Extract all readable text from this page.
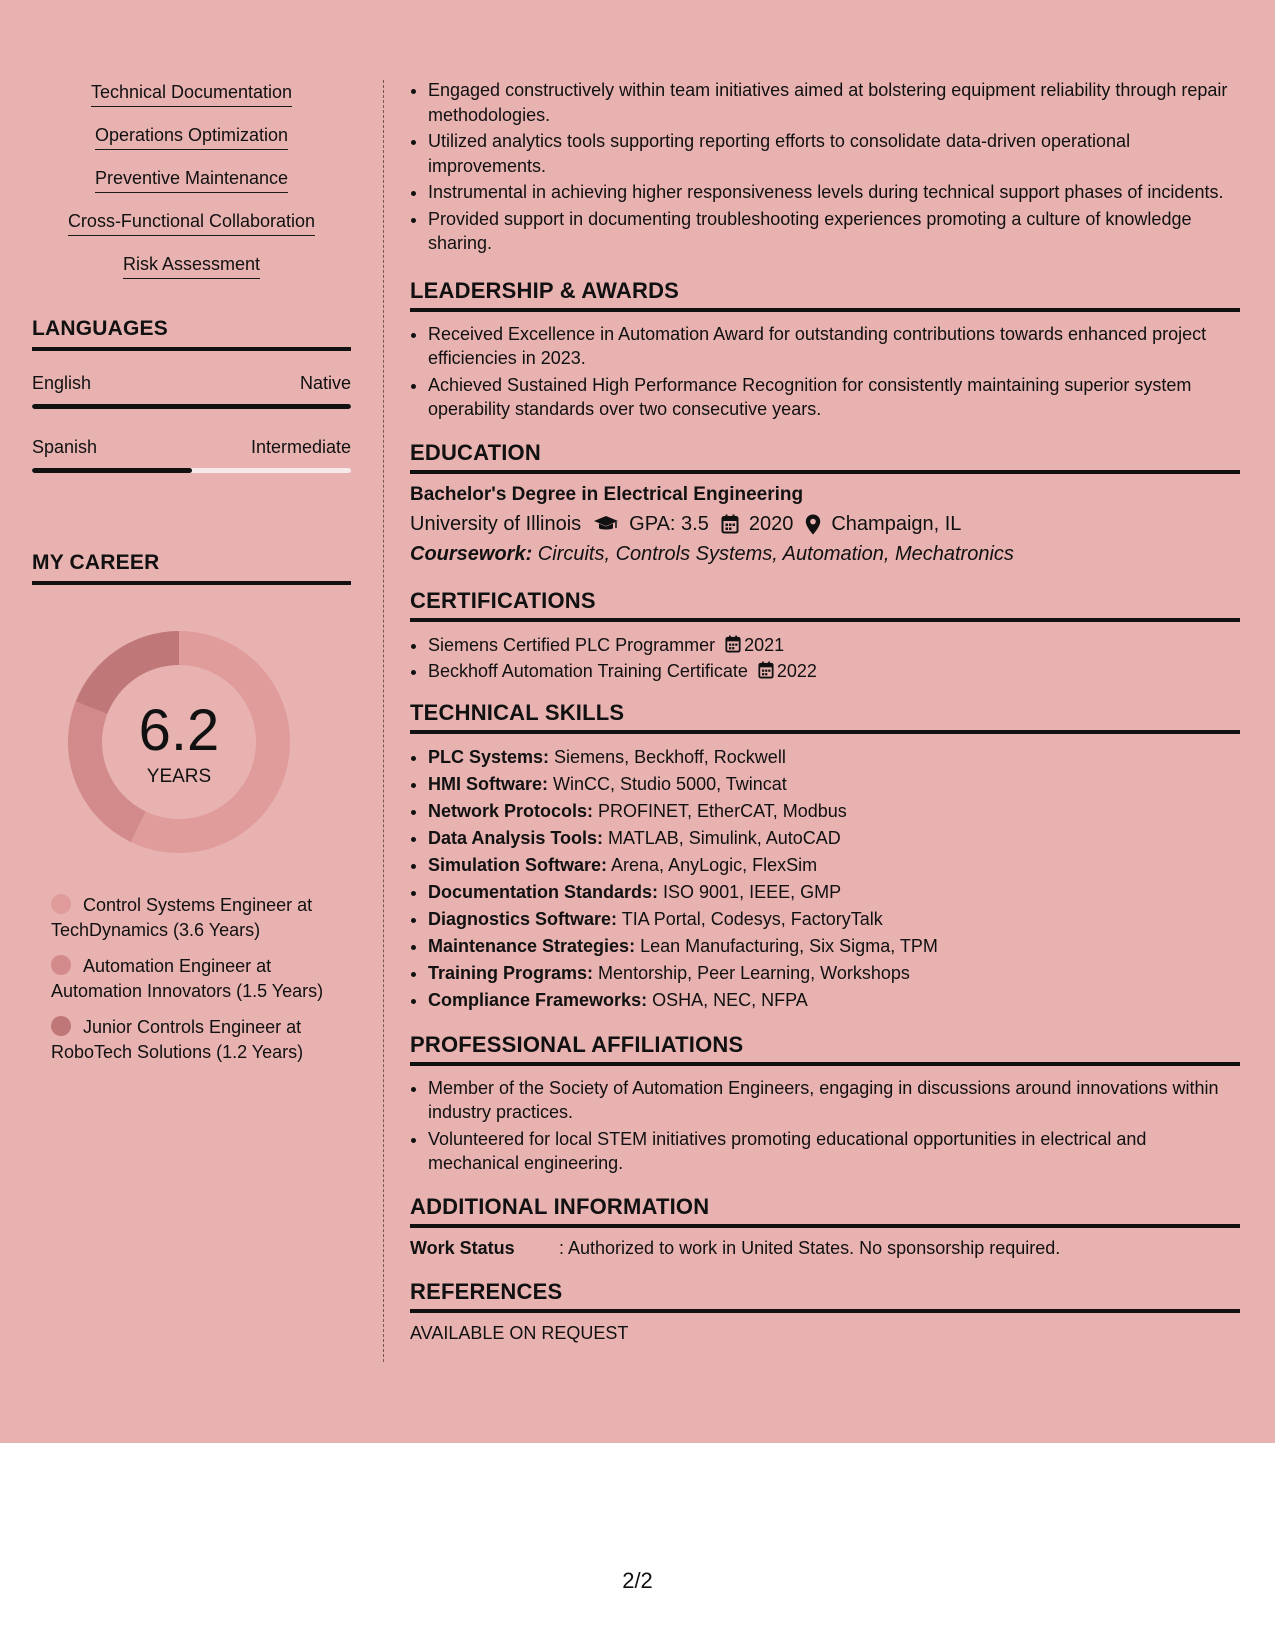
Technical Documentation
Operations Optimization
Preventive Maintenance
Cross-Functional Collaboration
Risk Assessment
LANGUAGES
English	Native
Spanish	Intermediate
MY CAREER
6.2
YEARS
Control Systems Engineer at TechDynamics (3.6 Years)
Automation Engineer at Automation Innovators (1.5 Years)
Junior Controls Engineer at RoboTech Solutions (1.2 Years)
• Engaged constructively within team initiatives aimed at bolstering equipment reliability through repair methodologies.
• Utilized analytics tools supporting reporting efforts to consolidate data-driven operational improvements.
• Instrumental in achieving higher responsiveness levels during technical support phases of incidents.
• Provided support in documenting troubleshooting experiences promoting a culture of knowledge sharing.
LEADERSHIP & AWARDS
• Received Excellence in Automation Award for outstanding contributions towards enhanced project efficiencies in 2023.
• Achieved Sustained High Performance Recognition for consistently maintaining superior system operability standards over two consecutive years.
EDUCATION
Bachelor's Degree in Electrical Engineering
University of Illinois GPA: 3.5 2020 Champaign, IL
Coursework: Circuits, Controls Systems, Automation, Mechatronics
CERTIFICATIONS
• Siemens Certified PLC Programmer 2021
• Beckhoff Automation Training Certificate 2022
TECHNICAL SKILLS
• PLC Systems: Siemens, Beckhoff, Rockwell
• HMI Software: WinCC, Studio 5000, Twincat
• Network Protocols: PROFINET, EtherCAT, Modbus
• Data Analysis Tools: MATLAB, Simulink, AutoCAD
• Simulation Software: Arena, AnyLogic, FlexSim
• Documentation Standards: ISO 9001, IEEE, GMP
• Diagnostics Software: TIA Portal, Codesys, FactoryTalk
• Maintenance Strategies: Lean Manufacturing, Six Sigma, TPM
• Training Programs: Mentorship, Peer Learning, Workshops
• Compliance Frameworks: OSHA, NEC, NFPA
PROFESSIONAL AFFILIATIONS
• Member of the Society of Automation Engineers, engaging in discussions around innovations within industry practices.
• Volunteered for local STEM initiatives promoting educational opportunities in electrical and mechanical engineering.
ADDITIONAL INFORMATION
Work Status	: Authorized to work in United States. No sponsorship required.
REFERENCES
AVAILABLE ON REQUEST
2/2
